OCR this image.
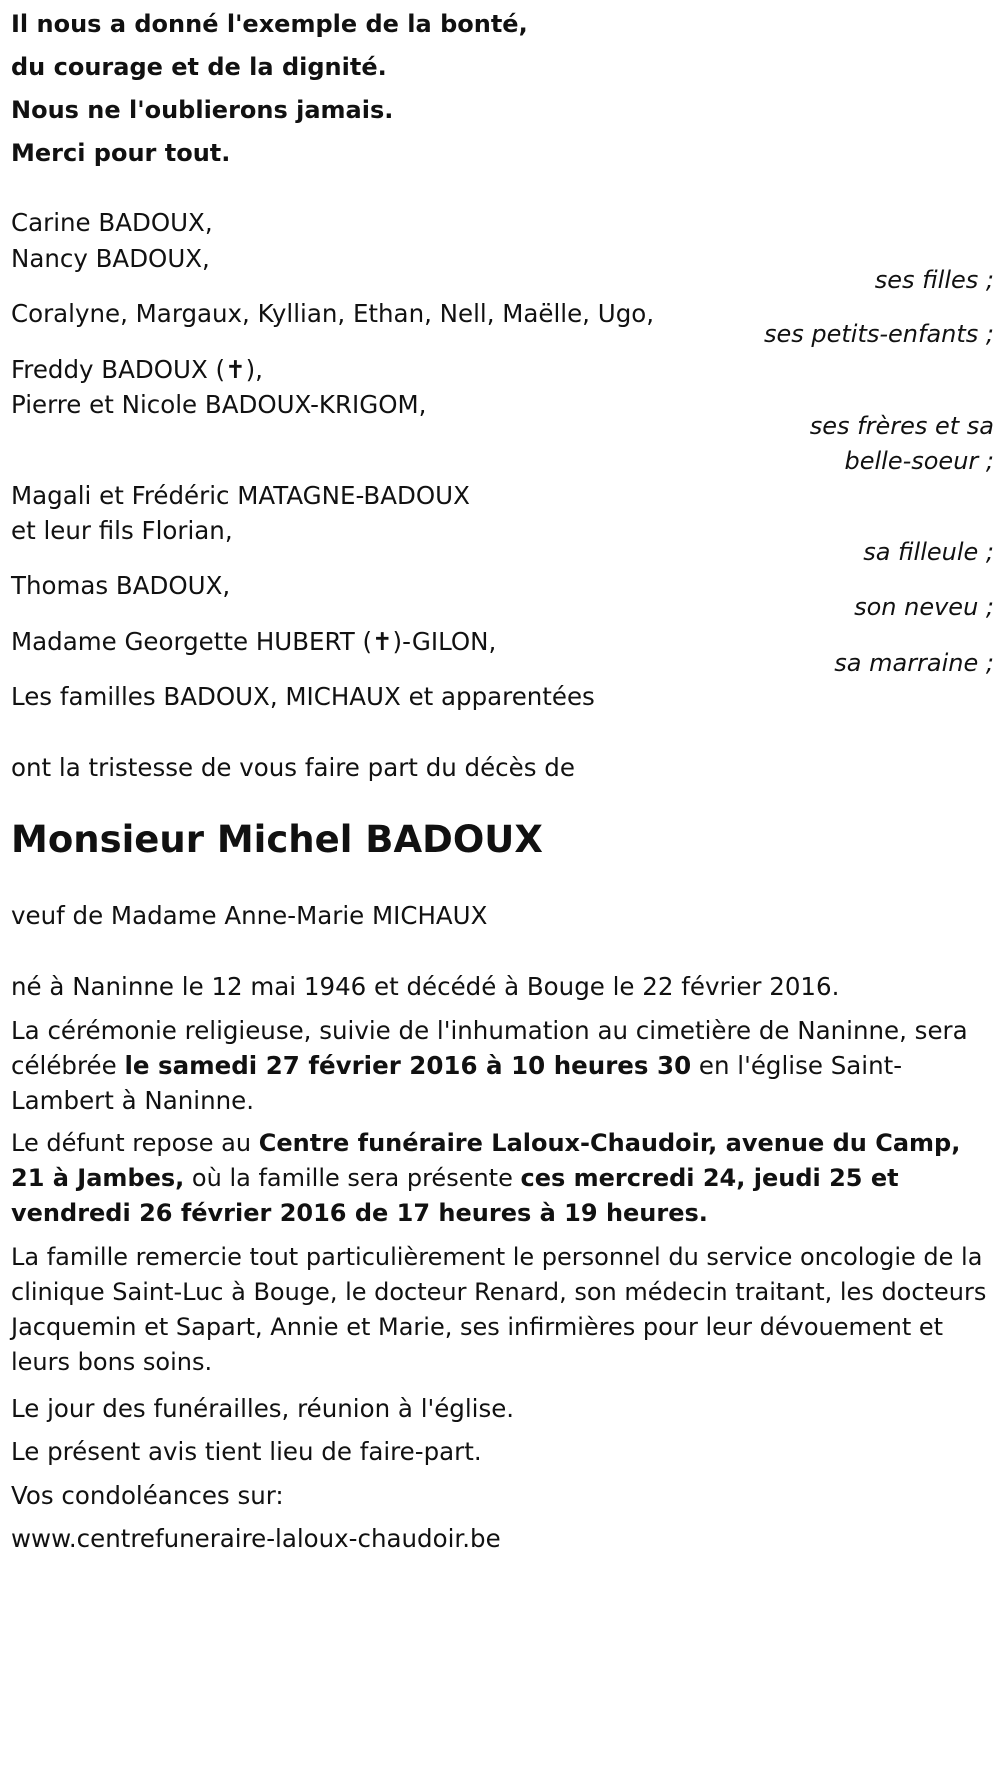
Il nous a donné l'exemple de la bonté,
du courage et de la dignité.
Nous ne l'oublierons jamais.
Merci pour tout.
Carine BADOUX,
Nancy BADOUX,
ses filles ;
Coralyne, Margaux, Kyllian, Ethan, Nell, Maëlle, Ugo,
ses petits-enfants ;
Freddy BADOUX (✝),
Pierre et Nicole BADOUX-KRIGOM,
ses frères et sa
belle-soeur ;
Magali et Frédéric MATAGNE-BADOUX
et leur fils Florian,
sa filleule ;
Thomas BADOUX,
son neveu ;
Madame Georgette HUBERT (✝)-GILON,
sa marraine ;
Les familles BADOUX, MICHAUX et apparentées
ont la tristesse de vous faire part du décès de
Monsieur Michel BADOUX
veuf de Madame Anne-Marie MICHAUX
né à Naninne le 12 mai 1946 et décédé à Bouge le 22 février 2016.
La cérémonie religieuse, suivie de l'inhumation au cimetière de Naninne, sera célébrée le samedi 27 février 2016 à 10 heures 30 en l'église Saint-Lambert à Naninne.
Le défunt repose au Centre funéraire Laloux-Chaudoir, avenue du Camp, 21 à Jambes, où la famille sera présente ces mercredi 24, jeudi 25 et vendredi 26 février 2016 de 17 heures à 19 heures.
La famille remercie tout particulièrement le personnel du service oncologie de la clinique Saint-Luc à Bouge, le docteur Renard, son médecin traitant, les docteurs Jacquemin et Sapart, Annie et Marie, ses infirmières pour leur dévouement et leurs bons soins.
Le jour des funérailles, réunion à l'église.
Le présent avis tient lieu de faire-part.
Vos condoléances sur:
www.centrefuneraire-laloux-chaudoir.be
